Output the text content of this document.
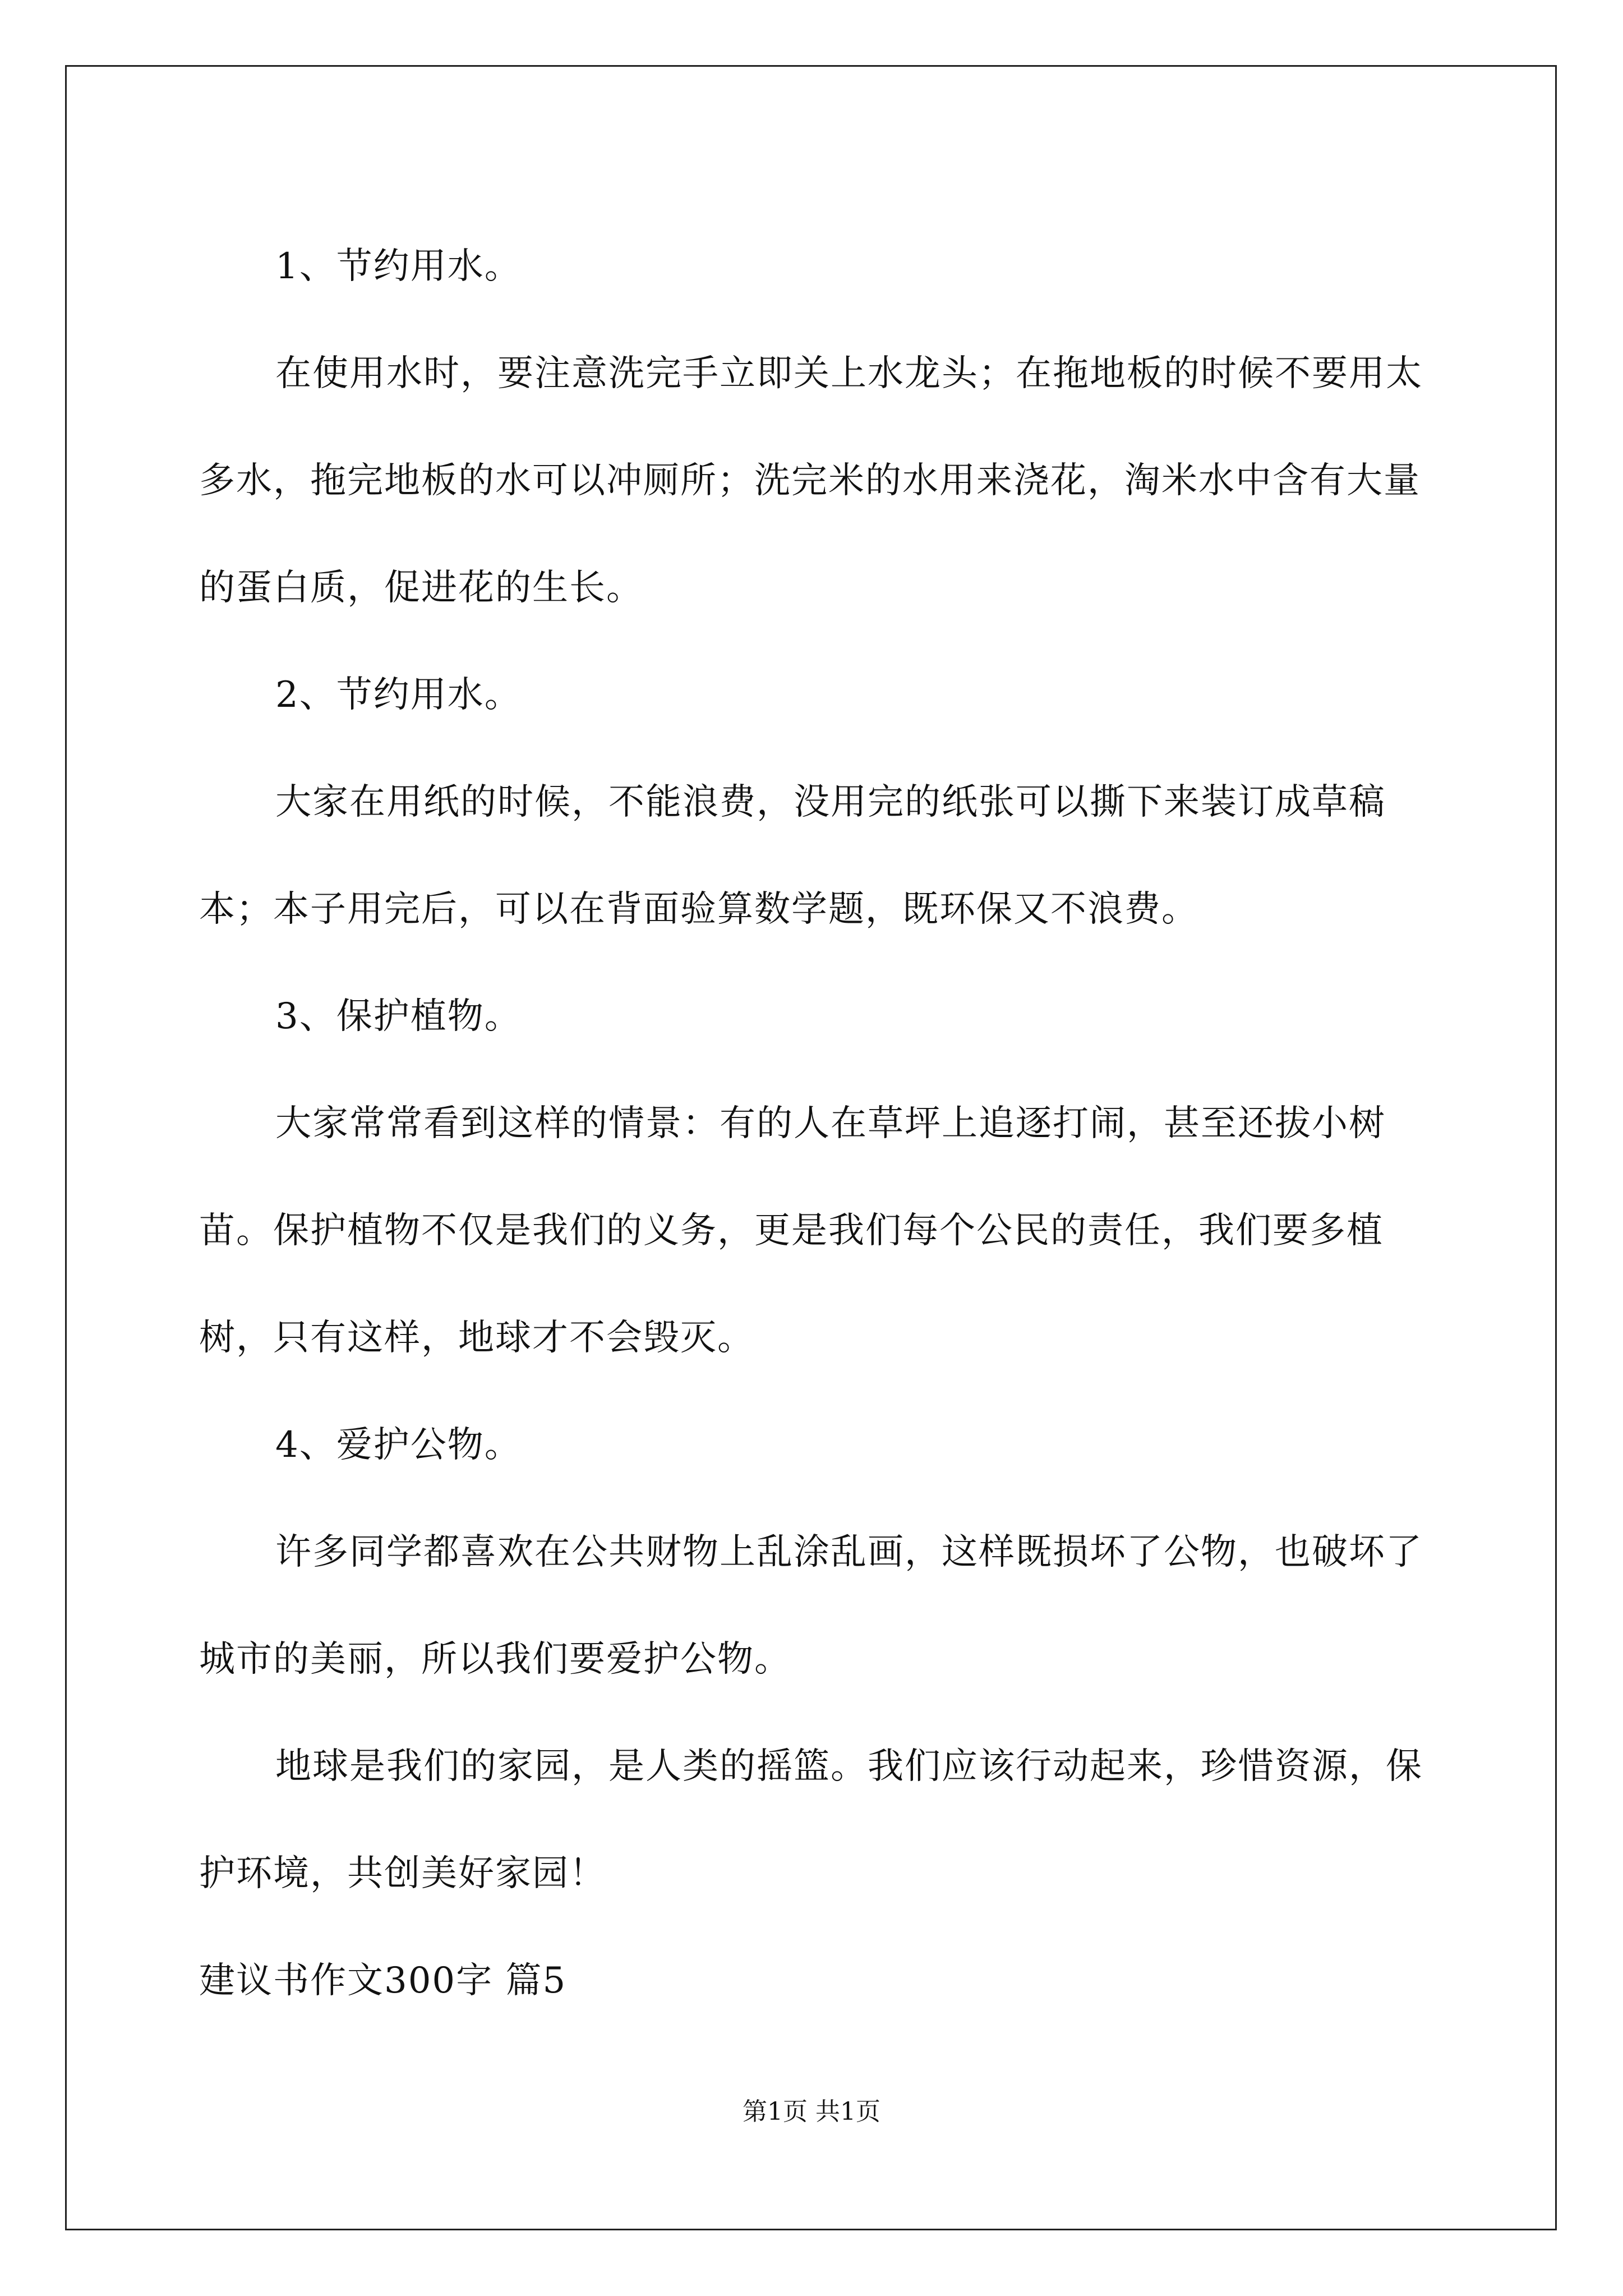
1、节约用水。

在使用水时，要注意洗完手立即关上水龙头；在拖地板的时候不要用太多水，拖完地板的水可以冲厕所；洗完米的水用来浇花，淘米水中含有大量的蛋白质，促进花的生长。

2、节约用水。

大家在用纸的时候，不能浪费，没用完的纸张可以撕下来装订成草稿本；本子用完后，可以在背面验算数学题，既环保又不浪费。

3、保护植物。

大家常常看到这样的情景：有的人在草坪上追逐打闹，甚至还拔小树苗。保护植物不仅是我们的义务，更是我们每个公民的责任，我们要多植树，只有这样，地球才不会毁灭。

4、爱护公物。

许多同学都喜欢在公共财物上乱涂乱画，这样既损坏了公物，也破坏了城市的美丽，所以我们要爱护公物。

地球是我们的家园，是人类的摇篮。我们应该行动起来，珍惜资源，保护环境，共创美好家园！

建议书作文300字 篇5

第1页 共1页
